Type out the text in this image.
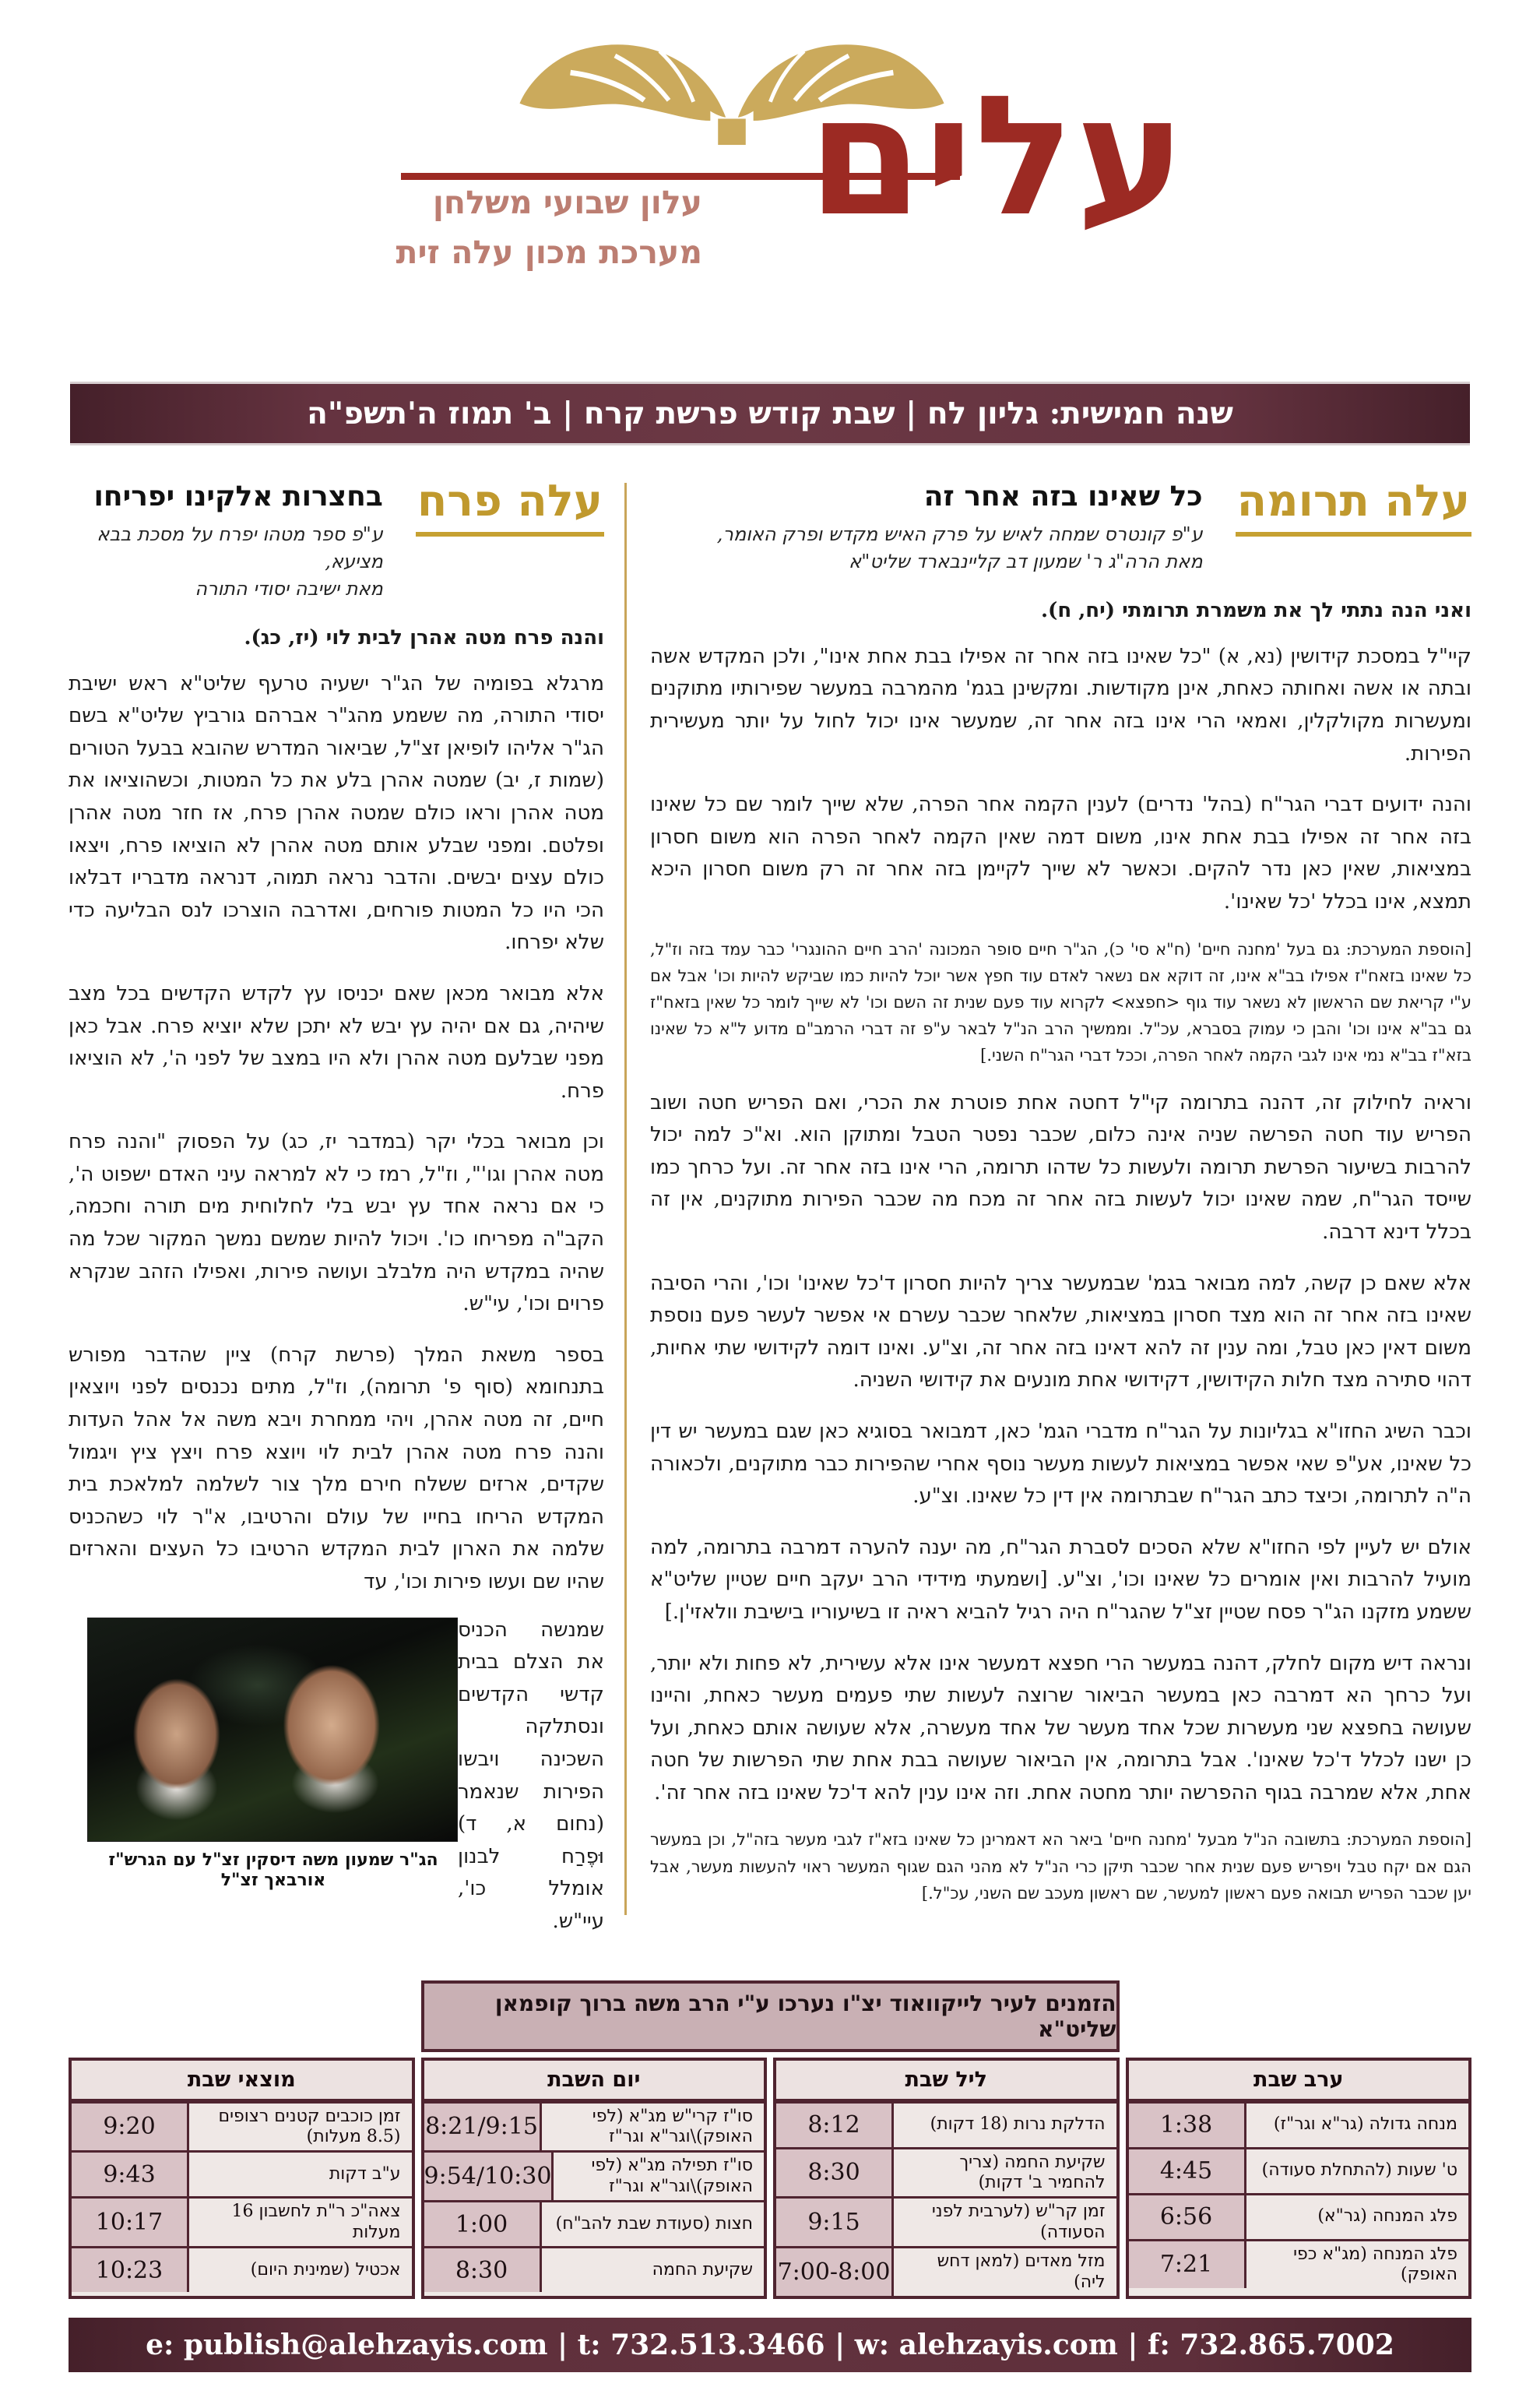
עלים
עלון שבועי משלחן
מערכת מכון עלה זית
שנה חמישית: גליון לח | שבת קודש פרשת קרח | ב' תמוז ה'תשפ"ה
עלה תרומה
כל שאינו בזה אחר זה
ע"פ קונטרס שמחה לאיש על פרק האיש מקדש ופרק האומר,
מאת הרה"ג ר' שמעון דב קליינבארד שליט"א
ואני הנה נתתי לך את משמרת תרומתי (יח, ח).
קיי"ל במסכת קידושין (נא, א) "כל שאינו בזה אחר זה אפילו בבת אחת אינו", ולכן המקדש אשה ובתה או אשה ואחותה כאחת, אינן מקודשות. ומקשינן בגמ' מהמרבה במעשר שפירותיו מתוקנים ומעשרות מקולקלין, ואמאי הרי אינו בזה אחר זה, שמעשר אינו יכול לחול על יותר מעשירית הפירות.
והנה ידועים דברי הגר"ח (בהל' נדרים) לענין הקמה אחר הפרה, שלא שייך לומר שם כל שאינו בזה אחר זה אפילו בבת אחת אינו, משום דמה שאין הקמה לאחר הפרה הוא משום חסרון במציאות, שאין כאן נדר להקים. וכאשר לא שייך לקיימן בזה אחר זה רק משום חסרון היכא תמצא, אינו בכלל 'כל שאינו'.
[הוספת המערכת: גם בעל 'מחנה חיים' (ח"א סי' כ), הג"ר חיים סופר המכונה 'הרב חיים ההונגרי' כבר עמד בזה וז"ל, כל שאינו בזאח"ז אפילו בב"א אינו, זה דוקא אם נשאר לאדם עוד חפץ אשר יוכל להיות כמו שביקש להיות וכו' אבל אם ע"י קריאת שם הראשון לא נשאר עוד גוף <חפצא> לקרוא עוד פעם שנית זה השם וכו' לא שייך לומר כל שאין בזאח"ז גם בב"א אינו וכו' והבן כי עמוק בסברא, עכ"ל. וממשיך הרב הנ"ל לבאר ע"פ זה דברי הרמב"ם מדוע ל"א כל שאינו בזא"ז בב"א נמי אינו לגבי הקמה לאחר הפרה, וככל דברי הגר"ח השני.]
וראיה לחילוק זה, דהנה בתרומה קי"ל דחטה אחת פוטרת את הכרי, ואם הפריש חטה ושוב הפריש עוד חטה הפרשה שניה אינה כלום, שכבר נפטר הטבל ומתוקן הוא. וא"כ למה יכול להרבות בשיעור הפרשת תרומה ולעשות כל שדהו תרומה, הרי אינו בזה אחר זה. ועל כרחך כמו שייסד הגר"ח, שמה שאינו יכול לעשות בזה אחר זה מכח מה שכבר הפירות מתוקנים, אין זה בכלל דינא דרבה.
אלא שאם כן קשה, למה מבואר בגמ' שבמעשר צריך להיות חסרון ד'כל שאינו' וכו', והרי הסיבה שאינו בזה אחר זה הוא מצד חסרון במציאות, שלאחר שכבר עשרם אי אפשר לעשר פעם נוספת משום דאין כאן טבל, ומה ענין זה להא דאינו בזה אחר זה, וצ"ע. ואינו דומה לקידושי שתי אחיות, דהוי סתירה מצד חלות הקידושין, דקידושי אחת מונעים את קידושי השניה.
וכבר השיג החזו"א בגליונות על הגר"ח מדברי הגמ' כאן, דמבואר בסוגיא כאן שגם במעשר יש דין כל שאינו, אע"פ שאי אפשר במציאות לעשות מעשר נוסף אחרי שהפירות כבר מתוקנים, ולכאורה ה"ה לתרומה, וכיצד כתב הגר"ח שבתרומה אין דין כל שאינו. וצ"ע.
אולם יש לעיין לפי החזו"א שלא הסכים לסברת הגר"ח, מה יענה להערה דמרבה בתרומה, למה מועיל להרבות ואין אומרים כל שאינו וכו', וצ"ע. [ושמעתי מידידי הרב יעקב חיים שטיין שליט"א ששמע מזקנו הג"ר פסח שטיין זצ"ל שהגר"ח היה רגיל להביא ראיה זו בשיעוריו בישיבת וולאזי'ן.]
ונראה דיש מקום לחלק, דהנה במעשר הרי חפצא דמעשר אינו אלא עשירית, לא פחות ולא יותר, ועל כרחך הא דמרבה כאן במעשר הביאור שרוצה לעשות שתי פעמים מעשר כאחת, והיינו שעושה בחפצא שני מעשרות שכל אחד מעשר של אחד מעשרה, אלא שעושה אותם כאחת, ועל כן ישנו לכלל ד'כל שאינו'. אבל בתרומה, אין הביאור שעושה בבת אחת שתי הפרשות של חטה אחת, אלא שמרבה בגוף ההפרשה יותר מחטה אחת. וזה אינו ענין להא ד'כל שאינו בזה אחר זה'.
[הוספת המערכת: בתשובה הנ"ל מבעל 'מחנה חיים' ביאר הא דאמרינן כל שאינו בזא"ז לגבי מעשר בזה"ל, וכן במעשר הגם אם יקח טבל ויפריש פעם שנית אחר שכבר תיקן כרי הנ"ל לא מהני הגם שגוף המעשר ראוי להעשות מעשר, אבל יען שכבר הפריש תבואה פעם ראשון למעשר, שם ראשון מעכב שם השני, עכ"ל.]
עלה פרח
בחצרות אלקינו יפריחו
ע"פ ספר מטהו יפרח על מסכת בבא מציעא,
מאת ישיבה יסודי התורה
והנה פרח מטה אהרן לבית לוי (יז, כג).
מרגלא בפומיה של הג"ר ישעיה טרעף שליט"א ראש ישיבת יסודי התורה, מה ששמע מהג"ר אברהם גורביץ שליט"א בשם הג"ר אליהו לופיאן זצ"ל, שביאור המדרש שהובא בבעל הטורים (שמות ז, יב) שמטה אהרן בלע את כל המטות, וכשהוציאו את מטה אהרן וראו כולם שמטה אהרן פרח, אז חזר מטה אהרן ופלטם. ומפני שבלע אותם מטה אהרן לא הוציאו פרח, ויצאו כולם עצים יבשים. והדבר נראה תמוה, דנראה מדבריו דבלאו הכי היו כל המטות פורחים, ואדרבה הוצרכו לנס הבליעה כדי שלא יפרחו.
אלא מבואר מכאן שאם יכניסו עץ לקדש הקדשים בכל מצב שיהיה, גם אם יהיה עץ יבש לא יתכן שלא יוציא פרח. אבל כאן מפני שבלעם מטה אהרן ולא היו במצב של לפני ה', לא הוציאו פרח.
וכן מבואר בכלי יקר (במדבר יז, כג) על הפסוק "והנה פרח מטה אהרן וגו'", וז"ל, רמז כי לא למראה עיני האדם ישפוט ה', כי אם נראה אחד עץ יבש בלי לחלוחית מים תורה וחכמה, הקב"ה מפריחו כו'. ויכול להיות שמשם נמשך המקור שכל מה שהיה במקדש היה מלבלב ועושה פירות, ואפילו הזהב שנקרא פרוים וכו', עי"ש.
בספר משאת המלך (פרשת קרח) ציין שהדבר מפורש בתנחומא (סוף פ' תרומה), וז"ל, מתים נכנסים לפני ויוצאין חיים, זה מטה אהרן, ויהי ממחרת ויבא משה אל אהל העדות והנה פרח מטה אהרן לבית לוי ויוצא פרח ויצץ ציץ ויגמול שקדים, ארזים ששלח חירם מלך צור לשלמה למלאכת בית המקדש הריחו בחייו של עולם והרטיבו, א"ר לוי כשהכניס שלמה את הארון לבית המקדש הרטיבו כל העצים והארזים שהיו שם ועשו פירות וכו', עד
שמנשה הכניס את הצלם בבית קדשי הקדשים ונסתלקה השכינה ויבשו הפירות שנאמר (נחום א, ד) וּפֶרַח לבנון אומלל כו', עיי"ש.
הג"ר שמעון משה דיסקין זצ"ל עם הגרש"ז אורבאך זצ"ל
הזמנים לעיר לייקוואוד יצ"ו נערכו ע"י הרב משה ברוך קופמאן שליט"א
ערב שבת
מנחה גדולה (גר"א וגר"ז)
1:38
ט' שעות (להתחלת סעודה)
4:45
פלג המנחה (גר"א)
6:56
פלג המנחה (מג"א כפי האופק)
7:21
ליל שבת
הדלקת נרות (18 דקות)
8:12
שקיעת החמה (צריך להחמיר ב' דקות)
8:30
זמן קר"ש (לערבית לפני הסעודה)
9:15
מזל מאדים (למאן דחש ליה)
7:00-8:00
יום השבת
סו"ז קרי"ש מג"א (לפי האופק)\וגר"א וגר"ז
8:21/9:15
סו"ז תפילה מג"א (לפי האופק)\וגר"א וגר"ז
9:54/10:30
חצות (סעודת שבת להב"ח)
1:00
שקיעת החמה
8:30
מוצאי שבת
זמן כוכבים קטנים רצופים (8.5 מעלות)
9:20
ע"ב דקות
9:43
צאה"כ ר"ת לחשבון 16 מעלות
10:17
אכטיל (שמינית היום)
10:23
e: publish@alehzayis.com | t: 732.513.3466 | w: alehzayis.com | f: 732.865.7002
